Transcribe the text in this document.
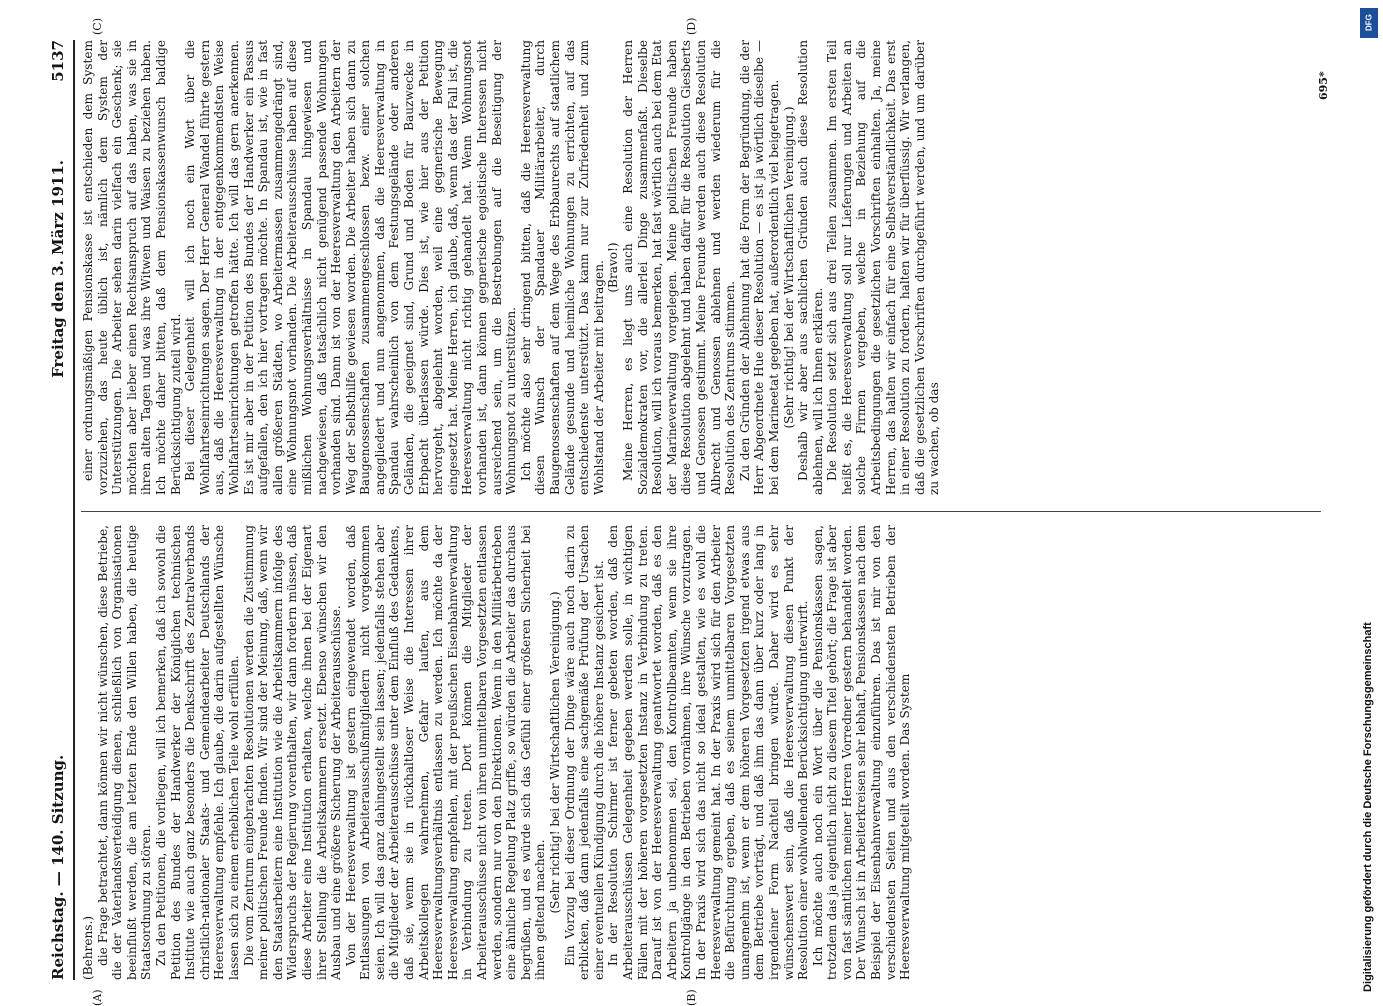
Reichstag. — 140. Sitzung.
Freitag den 3. März 1911.
5137

(Behrens.) die Frage betrachtet, dann können wir nicht wünschen, diese Betriebe, die der Vaterlandsverteidigung dienen, schließlich von Organisationen beeinflußt werden, die am letzten Ende den Willen haben, die heutige Staatsordnung zu stören. Zu den Petitionen, die vorliegen, will ich bemerken, daß ich sowohl die Petition des Bundes der Handwerker der Königlichen technischen Institute wie auch ganz besonders die Denkschrift des Zentralverbands christlich-nationaler Staats- und Gemeindearbeiter Deutschlands der Heeresverwaltung empfehle. Ich glaube, die darin aufgestellten Wünsche lassen sich zu einem erheblichen Teile wohl erfüllen. Die vom Zentrum eingebrachten Resolutionen werden die Zustimmung meiner politischen Freunde finden. Wir sind der Meinung, daß, wenn wir den Staatsarbeitern eine Institution wie die Arbeitskammern infolge des Widerspruchs der Regierung vorenthalten, wir dann fordern müssen, daß diese Arbeiter eine Institution erhalten, welche ihnen bei der Eigenart ihrer Stellung die Arbeitskammern ersetzt. Ebenso wünschen wir den Ausbau und eine größere Sicherung der Arbeiterausschüsse. Von der Heeresverwaltung ist gestern eingewendet worden, daß Entlassungen von Arbeiterausschußmitgliedern nicht vorgekommen seien. Ich will das ganz dahingestellt sein lassen; jedenfalls stehen aber die Mitglieder der Arbeiterausschüsse unter dem Einfluß des Gedankens, daß sie, wenn sie in rückhaltloser Weise die Interessen ihrer Arbeitskollegen wahrnehmen, Gefahr laufen, aus dem Heeresverwaltungsverhältnis entlassen zu werden. Ich möchte da der Heeresverwaltung empfehlen, mit der preußischen Eisenbahnverwaltung in Verbindung zu treten. Dort können die Mitglieder der Arbeiterausschüsse nicht von ihren unmittelbaren Vorgesetzten entlassen werden, sondern nur von den Direktionen. Wenn in den Militärbetrieben eine ähnliche Regelung Platz griffe, so würden die Arbeiter das durchaus begrüßen, und es würde sich das Gefühl einer größeren Sicherheit bei ihnen geltend machen. (Sehr richtig! bei der Wirtschaftlichen Vereinigung.) Ein Vorzug bei dieser Ordnung der Dinge wäre auch noch darin zu erblicken, daß dann jedenfalls eine sachgemäße Prüfung der Ursachen einer eventuellen Kündigung durch die höhere Instanz gesichert ist. In der Resolution Schirmer ist ferner gebeten worden, daß den Arbeiterausschüssen Gelegenheit gegeben werden solle, in wichtigen Fällen mit der höheren vorgesetzten Instanz in Verbindung zu treten. Darauf ist von der Heeresverwaltung geantwortet worden, daß es den Arbeitern ja unbenommen sei, den Kontrollbeamten, wenn sie ihre Kontrollgänge in den Betrieben vornähmen, ihre Wünsche vorzutragen. In der Praxis wird sich das nicht so ideal gestalten, wie es wohl die Heeresverwaltung gemeint hat. In der Praxis wird sich für den Arbeiter die Befürchtung ergeben, daß es seinem unmittelbaren Vorgesetzten unangenehm ist, wenn er dem höheren Vorgesetzten irgend etwas aus dem Betriebe vorträgt, und daß ihm das dann über kurz oder lang in irgendeiner Form Nachteil bringen würde. Daher wird es sehr wünschenswert sein, daß die Heeresverwaltung diesen Punkt der Resolution einer wohlwollenden Berücksichtigung unterwirft. Ich möchte auch noch ein Wort über die Pensionskassen sagen, trotzdem das ja eigentlich nicht zu diesem Titel gehört; die Frage ist aber von fast sämtlichen meiner Herren Vorredner gestern behandelt worden. Der Wunsch ist in Arbeiterkreisen sehr lebhaft, Pensionskassen nach dem Beispiel der Eisenbahnverwaltung einzuführen. Das ist mir von den verschiedensten Seiten und aus den verschiedensten Betrieben der Heeresverwaltung mitgeteilt worden. Das System

einer ordnungsmäßigen Pensionskasse ist entschieden dem System vorzuziehen, das heute üblich ist, nämlich dem System der Unterstützungen. Die Arbeiter sehen darin vielfach ein Geschenk; sie möchten aber lieber einen Rechtsanspruch auf das haben, was sie in ihren alten Tagen und was ihre Witwen und Waisen zu beziehen haben. Ich möchte daher bitten, daß dem Pensionskassenwunsch baldige Berücksichtigung zuteil wird. Bei dieser Gelegenheit will ich noch ein Wort über die Wohlfahrtseinrichtungen sagen. Der Herr General Wandel führte gestern aus, daß die Heeresverwaltung in der entgegenkommendsten Weise Wohlfahrtseinrichtungen getroffen hätte. Ich will das gern anerkennen. Es ist mir aber in der Petition des Bundes der Handwerker ein Passus aufgefallen, den ich hier vortragen möchte. In Spandau ist, wie in fast allen größeren Städten, wo Arbeitermassen zusammengedrängt sind, eine Wohnungsnot vorhanden. Die Arbeiterausschüsse haben auf diese mißlichen Wohnungsverhältnisse in Spandau hingewiesen und nachgewiesen, daß tatsächlich nicht genügend passende Wohnungen vorhanden sind. Dann ist von der Heeresverwaltung den Arbeitern der Weg der Selbsthilfe gewiesen worden. Die Arbeiter haben sich dann zu Baugenossenschaften zusammengeschlossen bezw. einer solchen angegliedert und nun angenommen, daß die Heeresverwaltung in Spandau wahrscheinlich von dem Festungsgelände oder anderen Geländen, die geeignet sind, Grund und Boden für Bauzwecke in Erbpacht überlassen würde. Dies ist, wie hier aus der Petition hervorgeht, abgelehnt worden, weil eine gegnerische Bewegung eingesetzt hat. Meine Herren, ich glaube, daß, wenn das der Fall ist, die Heeresverwaltung nicht richtig gehandelt hat. Wenn Wohnungsnot vorhanden ist, dann können gegnerische egoistische Interessen nicht ausreichend sein, um die Bestrebungen auf die Beseitigung der Wohnungsnot zu unterstützen. Ich möchte also sehr dringend bitten, daß die Heeresverwaltung diesen Wunsch der Spandauer Militärarbeiter, durch Baugenossenschaften auf dem Wege des Erbbaurechts auf staatlichem Gelände gesunde und heimliche Wohnungen zu errichten, auf das entschiedenste unterstützt. Das kann nur zur Zufriedenheit und zum Wohlstand der Arbeiter mit beitragen. (Bravo!) Meine Herren, es liegt uns auch eine Resolution der Herren Sozialdemokraten vor, die allerlei Dinge zusammenfaßt. Dieselbe Resolution, will ich voraus bemerken, hat fast wörtlich auch bei dem Etat der Marineverwaltung vorgelegen. Meine politischen Freunde haben diese Resolution abgelehnt und haben dafür für die Resolution Giesberts und Genossen gestimmt. Meine Freunde werden auch diese Resolution Albrecht und Genossen ablehnen und werden wiederum für die Resolution des Zentrums stimmen. Zu den Gründen der Ablehnung hat die Form der Begründung, die der Herr Abgeordnete Hue dieser Resolution — es ist ja wörtlich dieselbe — bei dem Marineetat gegeben hat, außerordentlich viel beigetragen. (Sehr richtig! bei der Wirtschaftlichen Vereinigung.) Deshalb wir aber aus sachlichen Gründen auch diese Resolution ablehnen, will ich Ihnen erklären. Die Resolution setzt sich aus drei Teilen zusammen. Im ersten Teil heißt es, die Heeresverwaltung soll nur Lieferungen und Arbeiten an solche Firmen vergeben, welche in Beziehung auf die Arbeitsbedingungen die gesetzlichen Vorschriften einhalten. Ja, meine Herren, das halten wir einfach für eine Selbstverständlichkeit. Das erst in einer Resolution zu fordern, halten wir für überflüssig. Wir verlangen, daß die gesetzlichen Vorschriften durchgeführt werden, und um darüber zu wachen, ob das

(A)	(B)
(C)	(D)
695*
DFG
Digitalisierung gefördert durch die Deutsche Forschungsgemeinschaft
